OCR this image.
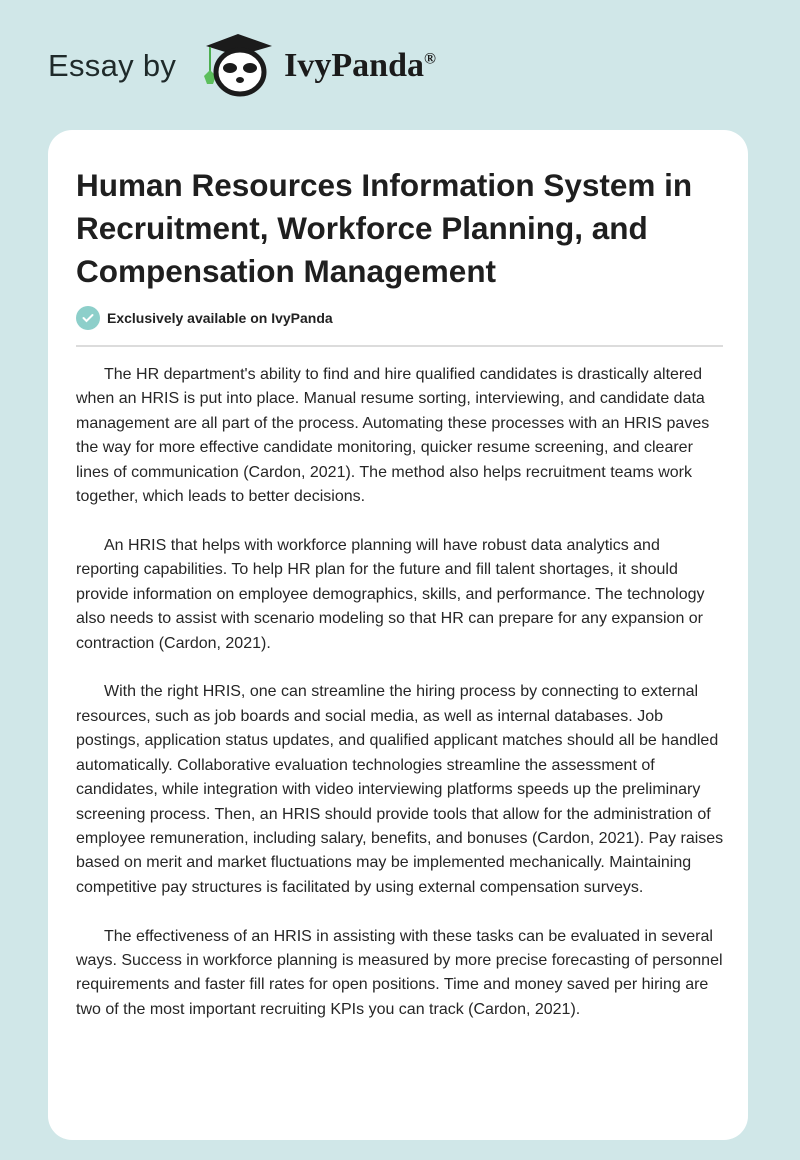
Essay by	IvyPanda®
Human Resources Information System in Recruitment, Workforce Planning, and Compensation Management
Exclusively available on IvyPanda

The HR department's ability to find and hire qualified candidates is drastically altered when an HRIS is put into place. Manual resume sorting, interviewing, and candidate data management are all part of the process. Automating these processes with an HRIS paves the way for more effective candidate monitoring, quicker resume screening, and clearer lines of communication (Cardon, 2021). The method also helps recruitment teams work together, which leads to better decisions.

An HRIS that helps with workforce planning will have robust data analytics and reporting capabilities. To help HR plan for the future and fill talent shortages, it should provide information on employee demographics, skills, and performance. The technology also needs to assist with scenario modeling so that HR can prepare for any expansion or contraction (Cardon, 2021).

With the right HRIS, one can streamline the hiring process by connecting to external resources, such as job boards and social media, as well as internal databases. Job postings, application status updates, and qualified applicant matches should all be handled automatically. Collaborative evaluation technologies streamline the assessment of candidates, while integration with video interviewing platforms speeds up the preliminary screening process. Then, an HRIS should provide tools that allow for the administration of employee remuneration, including salary, benefits, and bonuses (Cardon, 2021). Pay raises based on merit and market fluctuations may be implemented mechanically. Maintaining competitive pay structures is facilitated by using external compensation surveys.

The effectiveness of an HRIS in assisting with these tasks can be evaluated in several ways. Success in workforce planning is measured by more precise forecasting of personnel requirements and faster fill rates for open positions. Time and money saved per hiring are two of the most important recruiting KPIs you can track (Cardon, 2021).
